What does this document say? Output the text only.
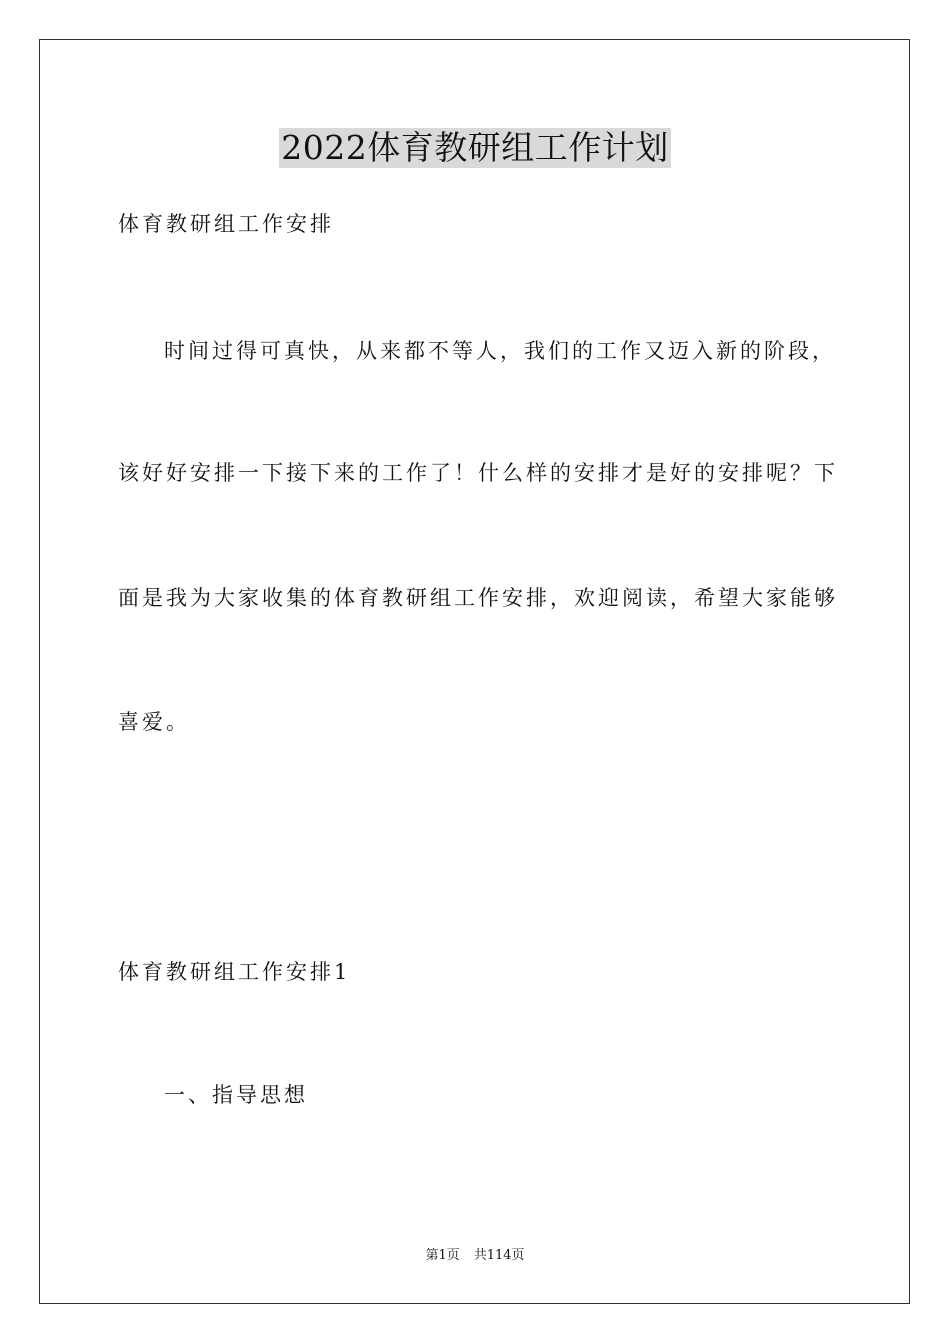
2022体育教研组工作计划
体育教研组工作安排
时间过得可真快，从来都不等人，我们的工作又迈入新的阶段，
该好好安排一下接下来的工作了！什么样的安排才是好的安排呢？下
面是我为大家收集的体育教研组工作安排，欢迎阅读，希望大家能够
喜爱。
体育教研组工作安排1
一、指导思想
第1页 共114页
